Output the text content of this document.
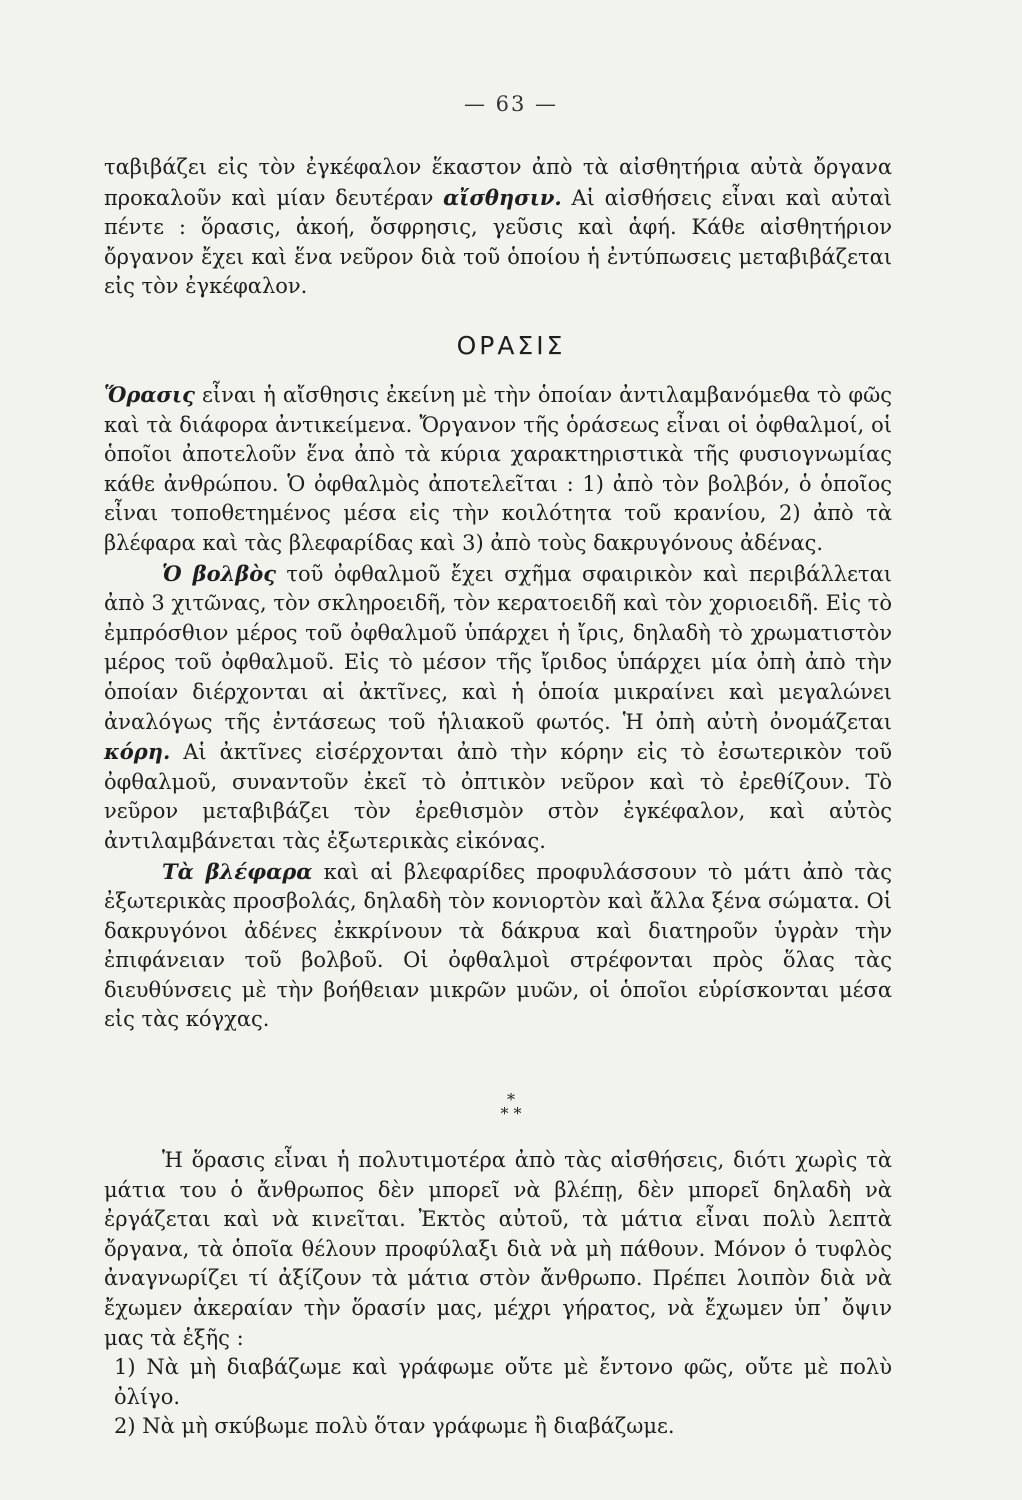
— 63 —

ταβιβάζει εἰς τὸν ἐγκέφαλον ἕκαστον ἀπὸ τὰ αἰσθητήρια αὐτὰ ὄργανα προκαλοῦν καὶ μίαν δευτέραν αἴσθησιν. Αἱ αἰσθήσεις εἶναι καὶ αὐταὶ πέντε : ὅρασις, ἀκοή, ὄσφρησις, γεῦσις καὶ ἁφή. Κάθε αἰσθητήριον ὄργανον ἔχει καὶ ἕνα νεῦρον διὰ τοῦ ὁποίου ἡ ἐντύπωσεις μεταβιβάζεται εἰς τὸν ἐγκέφαλον.

ΟΡΑΣΙΣ

Ὅρασις εἶναι ἡ αἴσθησις ἐκείνη μὲ τὴν ὁποίαν ἀντιλαμβανόμεθα τὸ φῶς καὶ τὰ διάφορα ἀντικείμενα. Ὄργανον τῆς ὁράσεως εἶναι οἱ ὀφθαλμοί, οἱ ὁποῖοι ἀποτελοῦν ἕνα ἀπὸ τὰ κύρια χαρακτηριστικὰ τῆς φυσιογνωμίας κάθε ἀνθρώπου. Ὁ ὀφθαλμὸς ἀποτελεῖται : 1) ἀπὸ τὸν βολβόν, ὁ ὁποῖος εἶναι τοποθετημένος μέσα εἰς τὴν κοιλότητα τοῦ κρανίου, 2) ἀπὸ τὰ βλέφαρα καὶ τὰς βλεφαρίδας καὶ 3) ἀπὸ τοὺς δακρυγόνους ἀδένας.

Ὁ βολβὸς τοῦ ὀφθαλμοῦ ἔχει σχῆμα σφαιρικὸν καὶ περιβάλλεται ἀπὸ 3 χιτῶνας, τὸν σκληροειδῆ, τὸν κερατοειδῆ καὶ τὸν χοριοειδῆ. Εἰς τὸ ἐμπρόσθιον μέρος τοῦ ὀφθαλμοῦ ὑπάρχει ἡ ἴρις, δηλαδὴ τὸ χρωματιστὸν μέρος τοῦ ὀφθαλμοῦ. Εἰς τὸ μέσον τῆς ἴριδος ὑπάρχει μία ὀπὴ ἀπὸ τὴν ὁποίαν διέρχονται αἱ ἀκτῖνες, καὶ ἡ ὁποία μικραίνει καὶ μεγαλώνει ἀναλόγως τῆς ἐντάσεως τοῦ ἡλιακοῦ φωτός. Ἡ ὀπὴ αὐτὴ ὀνομάζεται κόρη. Αἱ ἀκτῖνες εἰσέρχονται ἀπὸ τὴν κόρην εἰς τὸ ἐσωτερικὸν τοῦ ὀφθαλμοῦ, συναντοῦν ἐκεῖ τὸ ὀπτικὸν νεῦρον καὶ τὸ ἐρεθίζουν. Τὸ νεῦρον μεταβιβάζει τὸν ἐρεθισμὸν στὸν ἐγκέφαλον, καὶ αὐτὸς ἀντιλαμβάνεται τὰς ἐξωτερικὰς εἰκόνας.

Τὰ βλέφαρα καὶ αἱ βλεφαρίδες προφυλάσσουν τὸ μάτι ἀπὸ τὰς ἐξωτερικὰς προσβολάς, δηλαδὴ τὸν κονιορτὸν καὶ ἄλλα ξένα σώματα. Οἱ δακρυγόνοι ἀδένες ἐκκρίνουν τὰ δάκρυα καὶ διατηροῦν ὑγρὰν τὴν ἐπιφάνειαν τοῦ βολβοῦ. Οἱ ὀφθαλμοὶ στρέφονται πρὸς ὅλας τὰς διευθύνσεις μὲ τὴν βοήθειαν μικρῶν μυῶν, οἱ ὁποῖοι εὑρίσκονται μέσα εἰς τὰς κόγχας.

*
* *

Ἡ ὅρασις εἶναι ἡ πολυτιμοτέρα ἀπὸ τὰς αἰσθήσεις, διότι χωρὶς τὰ μάτια του ὁ ἄνθρωπος δὲν μπορεῖ νὰ βλέπῃ, δὲν μπορεῖ δηλαδὴ νὰ ἐργάζεται καὶ νὰ κινεῖται. Ἐκτὸς αὐτοῦ, τὰ μάτια εἶναι πολὺ λεπτὰ ὄργανα, τὰ ὁποῖα θέλουν προφύλαξι διὰ νὰ μὴ πάθουν. Μόνον ὁ τυφλὸς ἀναγνωρίζει τί ἀξίζουν τὰ μάτια στὸν ἄνθρωπο. Πρέπει λοιπὸν διὰ νὰ ἔχωμεν ἀκεραίαν τὴν ὅρασίν μας, μέχρι γήρατος, νὰ ἔχωμεν ὑπ᾽ ὄψιν μας τὰ ἑξῆς :

1) Νὰ μὴ διαβάζωμε καὶ γράφωμε οὔτε μὲ ἔντονο φῶς, οὔτε μὲ πολὺ ὀλίγο.

2) Νὰ μὴ σκύβωμε πολὺ ὅταν γράφωμε ἢ διαβάζωμε.
